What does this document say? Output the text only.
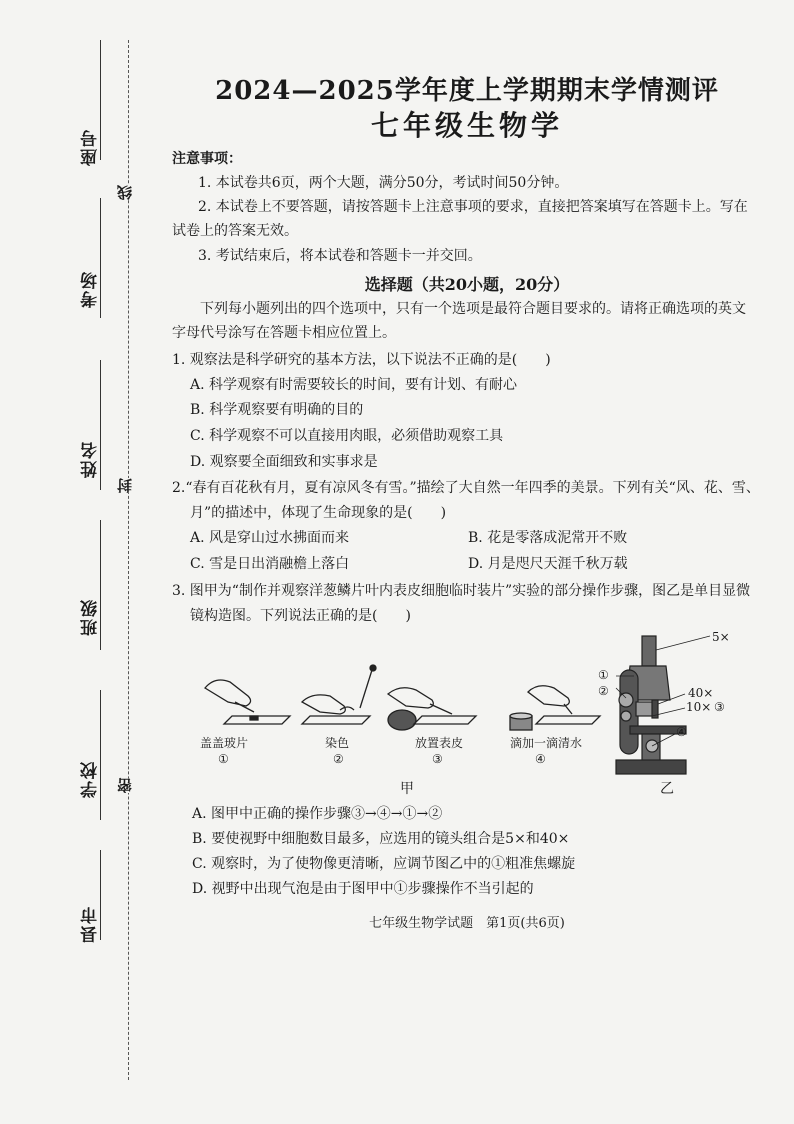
座号
考场
姓名
班级
学校
县市
线
封
密
2024—2025学年度上学期期末学情测评
七年级生物学
注意事项：
1. 本试卷共6页，两个大题，满分50分，考试时间50分钟。
2. 本试卷上不要答题，请按答题卡上注意事项的要求，直接把答案填写在答题卡上。写在
试卷上的答案无效。
3. 考试结束后，将本试卷和答题卡一并交回。
选择题（共20小题，20分）
下列每小题列出的四个选项中，只有一个选项是最符合题目要求的。请将正确选项的英文
字母代号涂写在答题卡相应位置上。
1. 观察法是科学研究的基本方法，以下说法不正确的是(　　)
A. 科学观察有时需要较长的时间，要有计划、有耐心
B. 科学观察要有明确的目的
C. 科学观察不可以直接用肉眼，必须借助观察工具
D. 观察要全面细致和实事求是
2.“春有百花秋有月，夏有凉风冬有雪。”描绘了大自然一年四季的美景。下列有关“风、花、雪、
月”的描述中，体现了生命现象的是(　　)
A. 风是穿山过水拂面而来	B. 花是零落成泥常开不败
C. 雪是日出消融檐上落白	D. 月是咫尺天涯千秋万载
3. 图甲为“制作并观察洋葱鳞片叶内表皮细胞临时装片”实验的部分操作步骤，图乙是单目显微
镜构造图。下列说法正确的是(　　)
盖盖玻片
①
染色
②
放置表皮
③
滴加一滴清水
④
甲	乙
5×
①
②	40×
10× ③
④
A. 图甲中正确的操作步骤③→④→①→②
B. 要使视野中细胞数目最多，应选用的镜头组合是5×和40×
C. 观察时，为了使物像更清晰，应调节图乙中的①粗准焦螺旋
D. 视野中出现气泡是由于图甲中①步骤操作不当引起的
七年级生物学试题　第1页(共6页)
